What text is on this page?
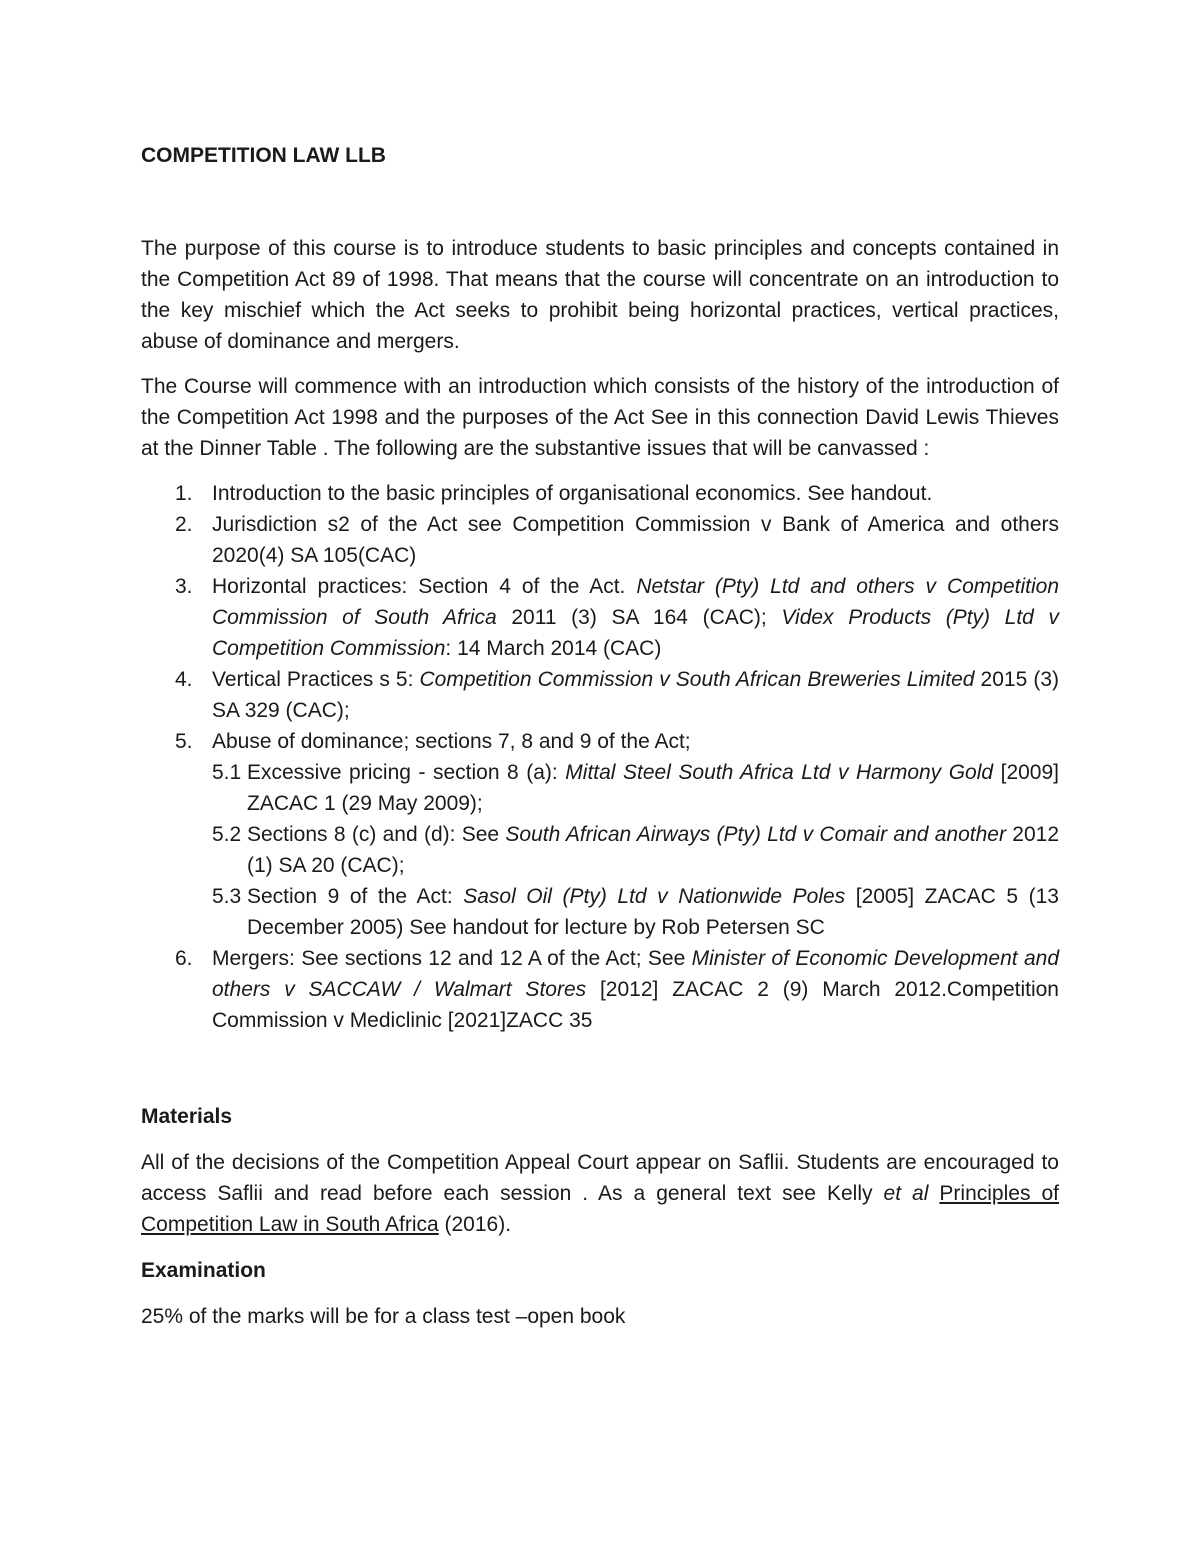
COMPETITION LAW LLB

The purpose of this course is to introduce students to basic principles and concepts contained in the Competition Act 89 of 1998. That means that the course will concentrate on an introduction to the key mischief which the Act seeks to prohibit being horizontal practices, vertical practices, abuse of dominance and mergers.

The Course will commence with an introduction which consists of the history of the introduction of the Competition Act 1998 and the purposes of the Act See in this connection David Lewis Thieves at the Dinner Table . The following are the substantive issues that will be canvassed :

1. Introduction to the basic principles of organisational economics. See handout.
2. Jurisdiction s2 of the Act see Competition Commission v Bank of America and others 2020(4) SA 105(CAC)
3. Horizontal practices: Section 4 of the Act. Netstar (Pty) Ltd and others v Competition Commission of South Africa 2011 (3) SA 164 (CAC); Videx Products (Pty) Ltd v Competition Commission: 14 March 2014 (CAC)
4. Vertical Practices s 5: Competition Commission v South African Breweries Limited 2015 (3) SA 329 (CAC);
5. Abuse of dominance; sections 7, 8 and 9 of the Act;
5.1 Excessive pricing - section 8 (a): Mittal Steel South Africa Ltd v Harmony Gold [2009] ZACAC 1 (29 May 2009);
5.2 Sections 8 (c) and (d): See South African Airways (Pty) Ltd v Comair and another 2012 (1) SA 20 (CAC);
5.3 Section 9 of the Act: Sasol Oil (Pty) Ltd v Nationwide Poles [2005] ZACAC 5 (13 December 2005) See handout for lecture by Rob Petersen SC
6. Mergers: See sections 12 and 12 A of the Act; See Minister of Economic Development and others v SACCAW / Walmart Stores [2012] ZACAC 2 (9) March 2012.Competition Commission v Mediclinic [2021]ZACC 35

Materials

All of the decisions of the Competition Appeal Court appear on Saflii. Students are encouraged to access Saflii and read before each session . As a general text see Kelly et al Principles of Competition Law in South Africa (2016).

Examination

25% of the marks will be for a class test –open book
